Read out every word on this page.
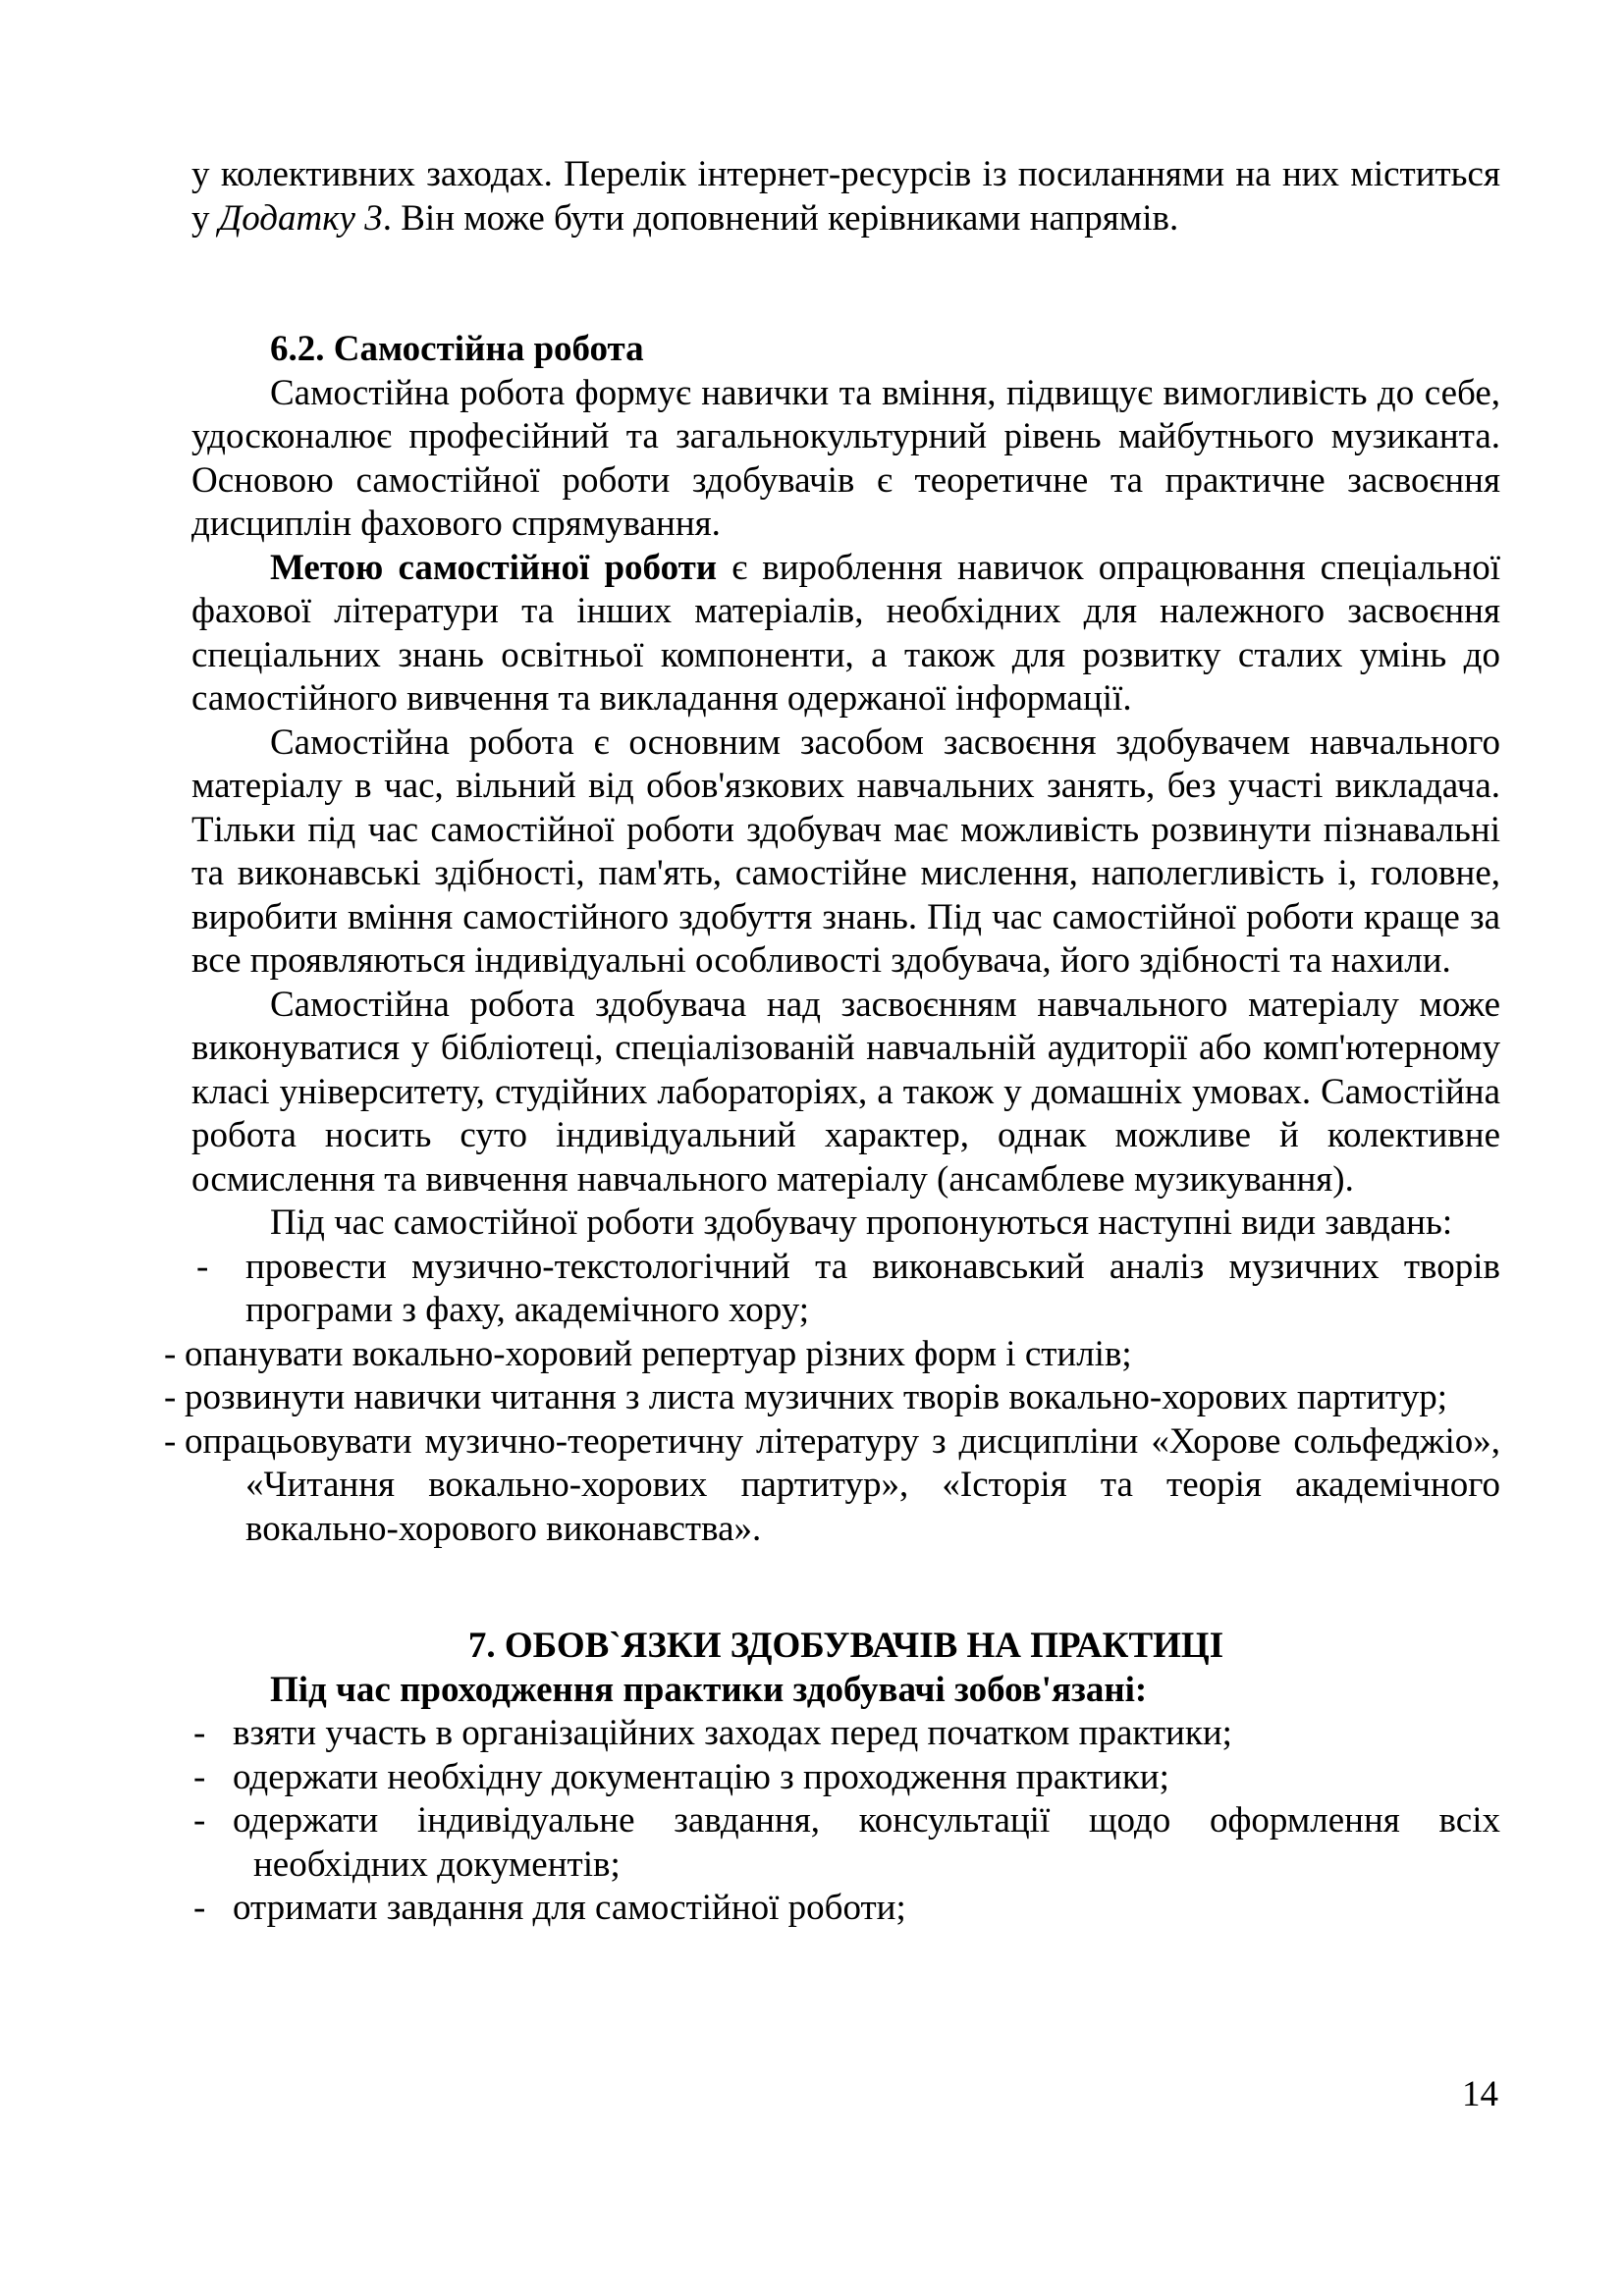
у колективних заходах. Перелік інтернет-ресурсів із посиланнями на них міститься у Додатку 3. Він може бути доповнений керівниками напрямів.

6.2. Самостійна робота

Самостійна робота формує навички та вміння, підвищує вимогливість до себе, удосконалює професійний та загальнокультурний рівень майбутнього музиканта. Основою самостійної роботи здобувачів є теоретичне та практичне засвоєння дисциплін фахового спрямування.

Метою самостійної роботи є вироблення навичок опрацювання спеціальної фахової літератури та інших матеріалів, необхідних для належного засвоєння спеціальних знань освітньої компоненти, а також для розвитку сталих умінь до самостійного вивчення та викладання одержаної інформації.

Самостійна робота є основним засобом засвоєння здобувачем навчального матеріалу в час, вільний від обов'язкових навчальних занять, без участі викладача. Тільки під час самостійної роботи здобувач має можливість розвинути пізнавальні та виконавські здібності, пам'ять, самостійне мислення, наполегливість і, головне, виробити вміння самостійного здобуття знань. Під час самостійної роботи краще за все проявляються індивідуальні особливості здобувача, його здібності та нахили.

Самостійна робота здобувача над засвоєнням навчального матеріалу може виконуватися у бібліотеці, спеціалізованій навчальній аудиторії або комп'ютерному класі університету, студійних лабораторіях, а також у домашніх умовах. Самостійна робота носить суто індивідуальний характер, однак можливе й колективне осмислення та вивчення навчального матеріалу (ансамблеве музикування).

Під час самостійної роботи здобувачу пропонуються наступні види завдань:

-	провести музично-текстологічний та виконавський аналіз музичних творів програми з фаху, академічного хору;
- опанувати вокально-хоровий репертуар різних форм і стилів;
- розвинути навички читання з листа музичних творів вокально-хорових партитур;
- опрацьовувати музично-теоретичну літературу з дисципліни «Хорове сольфеджіо», «Читання вокально-хорових партитур», «Історія та теорія академічного вокально-хорового виконавства».

7. ОБОВ`ЯЗКИ ЗДОБУВАЧІВ НА ПРАКТИЦІ

Під час проходження практики здобувачі зобов'язані:

- взяти участь в організаційних заходах перед початком практики;
- одержати необхідну документацію з проходження практики;
- одержати індивідуальне завдання, консультації щодо оформлення всіх необхідних документів;
- отримати завдання для самостійної роботи;
14
